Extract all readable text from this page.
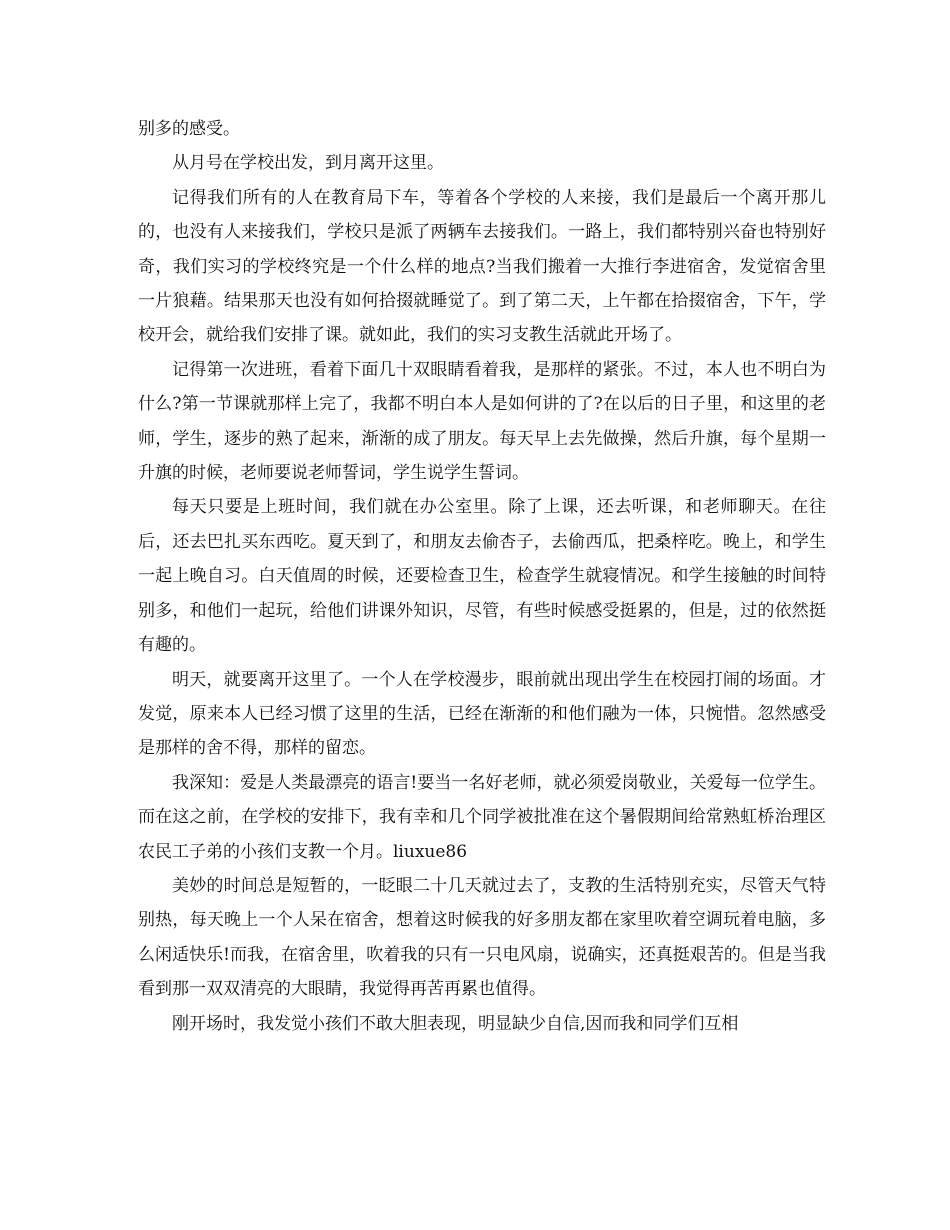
别多的感受。

从月号在学校出发，到月离开这里。

记得我们所有的人在教育局下车，等着各个学校的人来接，我们是最后一个离开那儿的，也没有人来接我们，学校只是派了两辆车去接我们。一路上，我们都特别兴奋也特别好奇，我们实习的学校终究是一个什么样的地点?当我们搬着一大推行李进宿舍，发觉宿舍里一片狼藉。结果那天也没有如何拾掇就睡觉了。到了第二天，上午都在拾掇宿舍，下午，学校开会，就给我们安排了课。就如此，我们的实习支教生活就此开场了。

记得第一次进班，看着下面几十双眼睛看着我，是那样的紧张。不过，本人也不明白为什么?第一节课就那样上完了，我都不明白本人是如何讲的了?在以后的日子里，和这里的老师，学生，逐步的熟了起来，渐渐的成了朋友。每天早上去先做操，然后升旗，每个星期一升旗的时候，老师要说老师誓词，学生说学生誓词。

每天只要是上班时间，我们就在办公室里。除了上课，还去听课，和老师聊天。在往后，还去巴扎买东西吃。夏天到了，和朋友去偷杏子，去偷西瓜，把桑梓吃。晚上，和学生一起上晚自习。白天值周的时候，还要检查卫生，检查学生就寝情况。和学生接触的时间特别多，和他们一起玩，给他们讲课外知识，尽管，有些时候感受挺累的，但是，过的依然挺有趣的。

明天，就要离开这里了。一个人在学校漫步，眼前就出现出学生在校园打闹的场面。才发觉，原来本人已经习惯了这里的生活，已经在渐渐的和他们融为一体，只惋惜。忽然感受是那样的舍不得，那样的留恋。

我深知：爱是人类最漂亮的语言!要当一名好老师，就必须爱岗敬业，关爱每一位学生。而在这之前，在学校的安排下，我有幸和几个同学被批准在这个暑假期间给常熟虹桥治理区农民工子弟的小孩们支教一个月。liuxue86

美妙的时间总是短暂的，一眨眼二十几天就过去了，支教的生活特别充实，尽管天气特别热，每天晚上一个人呆在宿舍，想着这时候我的好多朋友都在家里吹着空调玩着电脑，多么闲适快乐!而我，在宿舍里，吹着我的只有一只电风扇，说确实，还真挺艰苦的。但是当我看到那一双双清亮的大眼睛，我觉得再苦再累也值得。

刚开场时，我发觉小孩们不敢大胆表现，明显缺少自信,因而我和同学们互相
